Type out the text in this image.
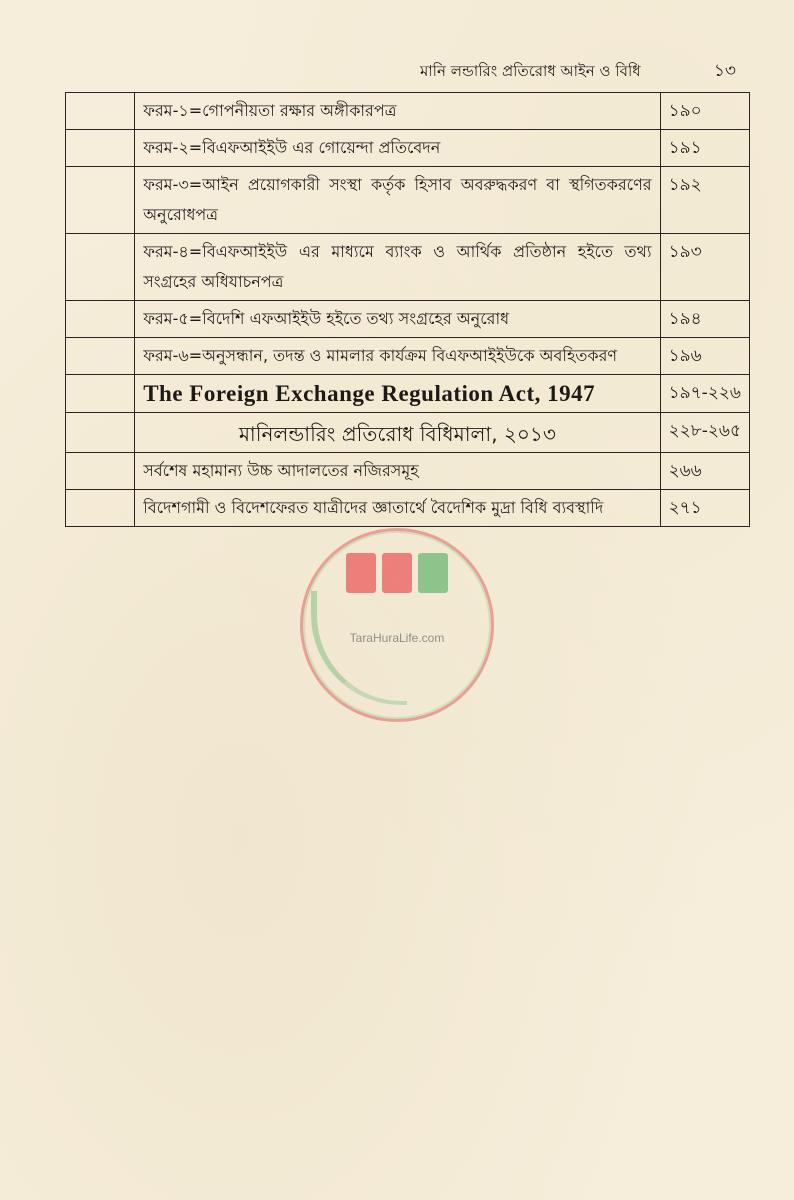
মানি লন্ডারিং প্রতিরোধ আইন ও বিধি	১৩
	ফরম-১=গোপনীয়তা রক্ষার অঙ্গীকারপত্র	১৯০
	ফরম-২=বিএফআইইউ এর গোয়েন্দা প্রতিবেদন	১৯১
	ফরম-৩=আইন প্রয়োগকারী সংস্থা কর্তৃক হিসাব অবরুদ্ধকরণ বা স্থগিতকরণের অনুরোধপত্র	১৯২
	ফরম-৪=বিএফআইইউ এর মাধ্যমে ব্যাংক ও আর্থিক প্রতিষ্ঠান হইতে তথ্য সংগ্রহের অধিযাচনপত্র	১৯৩
	ফরম-৫=বিদেশি এফআইইউ হইতে তথ্য সংগ্রহের অনুরোধ	১৯৪
	ফরম-৬=অনুসন্ধান, তদন্ত ও মামলার কার্যক্রম বিএফআইইউকে অবহিতকরণ	১৯৬
	The Foreign Exchange Regulation Act, 1947	১৯৭-২২৬
	মানিলন্ডারিং প্রতিরোধ বিধিমালা, ২০১৩	২২৮-২৬৫
	সর্বশেষ মহামান্য উচ্চ আদালতের নজিরসমূহ	২৬৬
	বিদেশগামী ও বিদেশফেরত যাত্রীদের জ্ঞাতার্থে বৈদেশিক মুদ্রা বিধি ব্যবস্থাদি	২৭১
TaraHuraLife.com
